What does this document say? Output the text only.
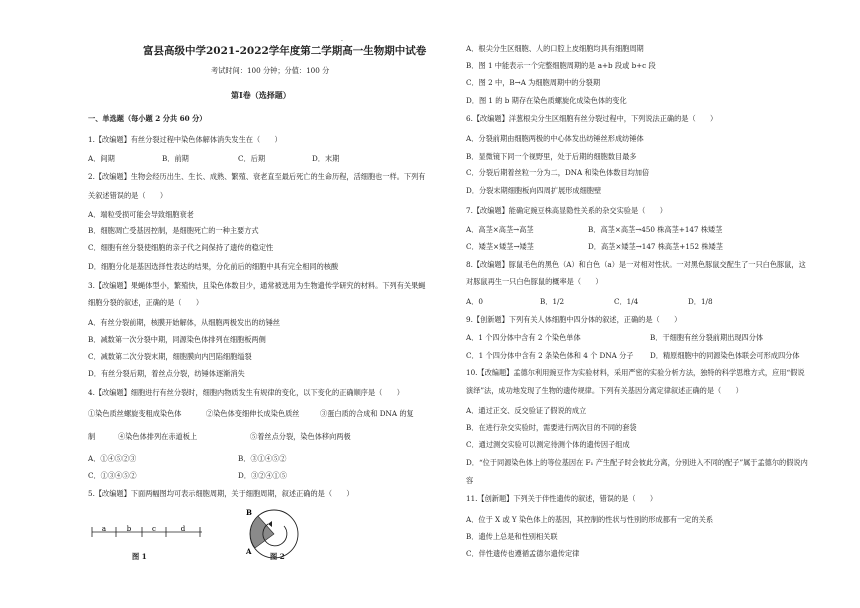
·
富县高级中学2021-2022学年度第二学期高一生物期中试卷
考试时间：100 分钟；分值：100 分
第Ⅰ卷（选择题）
一、单选题（每小题 2 分共 60 分）
1.【改编题】有丝分裂过程中染色体解体消失发生在（　　）
A．间期	B．前期	C．后期	D．末期
2.【改编题】生物会经历出生、生长、成熟、繁殖、衰老直至最后死亡的生命历程，活细胞也一样。下列有
关叙述错误的是（　　）
A．端粒受损可能会导致细胞衰老
B．细胞凋亡受基因控制，是细胞死亡的一种主要方式
C．细胞有丝分裂使细胞的亲子代之间保持了遗传的稳定性
D．细胞分化是基因选择性表达的结果，分化前后的细胞中具有完全相同的核酸
3.【改编题】果蝇体型小，繁殖快，且染色体数目少，通常被选用为生物遗传学研究的材料。下列有关果蝇
细胞分裂的叙述，正确的是（　　）
A．有丝分裂前期，核膜开始解体，从细胞两极发出的纺锤丝
B．减数第一次分裂中期，同源染色体排列在细胞板两侧
C．减数第二次分裂末期，细胞膜向内凹陷细胞缢裂
D．有丝分裂后期，着丝点分裂，纺锤体逐渐消失
4.【改编题】细胞进行有丝分裂时，细胞内物质发生有规律的变化，以下变化的正确顺序是（　　）
①染色质丝螺旋变粗成染色体	②染色体变细伸长成染色质丝	③蛋白质的合成和 DNA 的复
制	④染色体排列在赤道板上	⑤着丝点分裂，染色体移向两极
A．①④⑤②③	B．③①④⑤②
C．①③④⑤②	D．③②④①⑤
5.【改编题】下面两幅图均可表示细胞周期，关于细胞周期，叙述正确的是（　　）
a	b	c	d
图 1
B
A
图 2
A．根尖分生区细胞、人的口腔上皮细胞均具有细胞周期
B．图 1 中能表示一个完整细胞周期的是 a+b 段或 b+c 段
C．图 2 中，B→A 为细胞周期中的分裂期
D．图 1 的 b 期存在染色质螺旋化成染色体的变化
6.【改编题】洋葱根尖分生区细胞有丝分裂过程中，下列说法正确的是（　　）
A．分裂前期由细胞两极的中心体发出纺锤丝形成纺锤体
B．显微镜下同一个视野里，处于后期的细胞数目最多
C．分裂后期着丝粒一分为二，DNA 和染色体数目均加倍
D．分裂末期细胞板向四周扩展形成细胞壁
7.【改编题】能确定豌豆株高显隐性关系的杂交实验是（　　）
A．高茎×高茎→高茎	B．高茎×高茎→450 株高茎+147 株矮茎
C．矮茎×矮茎→矮茎	D．高茎×矮茎→147 株高茎+152 株矮茎
8.【改编题】豚鼠毛色的黑色（A）和白色（a）是一对相对性状。一对黑色豚鼠交配生了一只白色豚鼠，这
对豚鼠再生一只白色豚鼠的概率是（　　）
A．0	B．1/2	C．1/4	D．1/8
9.【创新题】下列有关人体细胞中四分体的叙述，正确的是（　　）
A．1 个四分体中含有 2 个染色单体	B．干细胞有丝分裂前期出现四分体
C．1 个四分体中含有 2 条染色体和 4 个 DNA 分子 D．精原细胞中的同源染色体联会可形成四分体
10.【改编题】孟德尔利用豌豆作为实验材料，采用严密的实验分析方法，独特的科学思维方式，应用“假说
演绎”法，成功地发现了生物的遗传规律。下列有关基因分离定律叙述正确的是（　　）
A．通过正交、反交验证了假说的成立
B．在进行杂交实验时，需要进行两次目的不同的套袋
C．通过测交实验可以测定待测个体的遗传因子组成
D．“位于同源染色体上的等位基因在 F₁ 产生配子时会彼此分离，分别进入不同的配子”属于孟德尔的假说内
容
11.【创新题】下列关于伴性遗传的叙述，错误的是（　　）
A．位于 X 或 Y 染色体上的基因，其控制的性状与性别的形成都有一定的关系
B．遗传上总是和性别相关联
C．伴性遗传也遵循孟德尔遗传定律
